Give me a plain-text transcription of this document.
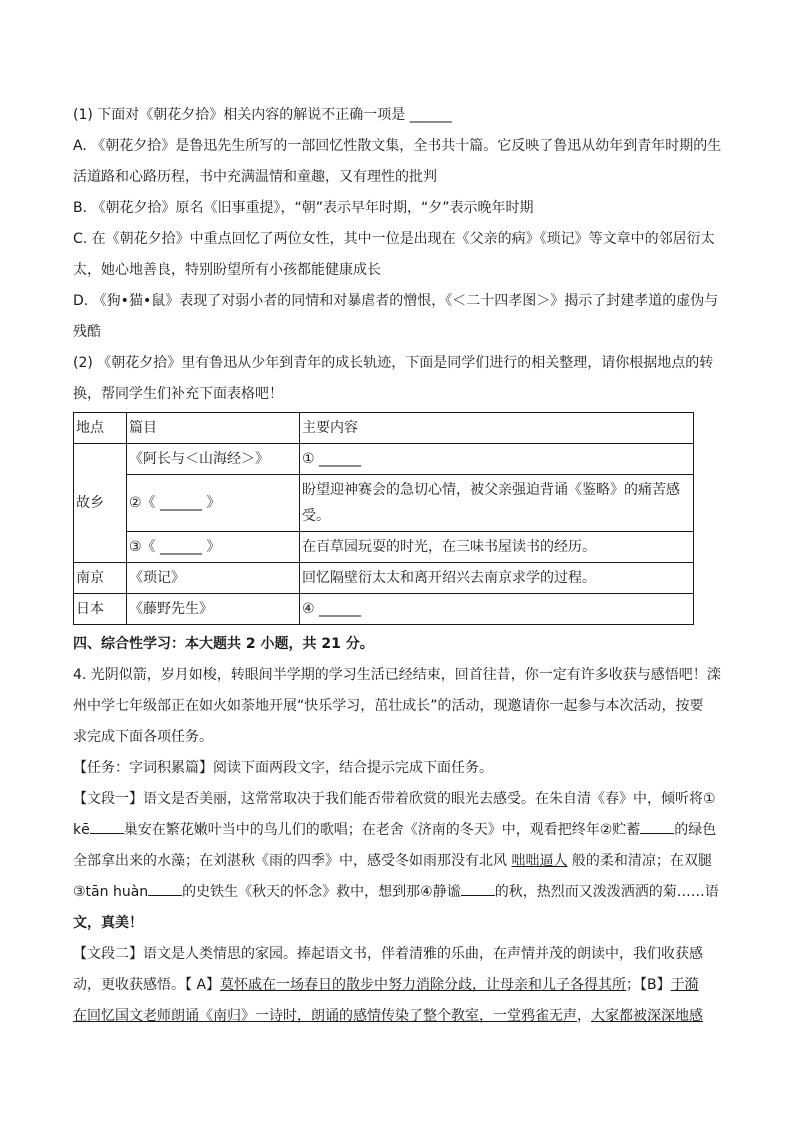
(1) 下面对《朝花夕拾》相关内容的解说不正确一项是 ______

A. 《朝花夕拾》是鲁迅先生所写的一部回忆性散文集，全书共十篇。它反映了鲁迅从幼年到青年时期的生

活道路和心路历程，书中充满温情和童趣，又有理性的批判

B. 《朝花夕拾》原名《旧事重提》，“朝”表示早年时期，“夕”表示晚年时期

C. 在《朝花夕拾》中重点回忆了两位女性，其中一位是出现在《父亲的病》《琐记》等文章中的邻居衍太

太，她心地善良，特别盼望所有小孩都能健康成长

D. 《狗•猫•鼠》表现了对弱小者的同情和对暴虐者的憎恨，《＜二十四孝图＞》揭示了封建孝道的虚伪与

残酷

(2) 《朝花夕拾》里有鲁迅从少年到青年的成长轨迹，下面是同学们进行的相关整理，请你根据地点的转

换，帮同学生们补充下面表格吧！

地点	篇目	主要内容
故乡	《阿长与＜山海经＞》	① ______
	②《 ______ 》	盼望迎神赛会的急切心情，被父亲强迫背诵《鉴略》的痛苦感
受。

	③《 ______ 》	在百草园玩耍的时光，在三味书屋读书的经历。
南京	《琐记》	回忆隔壁衍太太和离开绍兴去南京求学的过程。
日本	《藤野先生》	④ ______

四、综合性学习：本大题共 2 小题，共 21 分。

4. 光阴似箭，岁月如梭，转眼间半学期的学习生活已经结束，回首往昔，你一定有许多收获与感悟吧！滦

州中学七年级部正在如火如荼地开展“快乐学习，茁壮成长”的活动，现邀请你一起参与本次活动，按要

求完成下面各项任务。

【任务：字词积累篇】阅读下面两段文字，结合提示完成下面任务。

【文段一】语文是否美丽，这常常取决于我们能否带着欣赏的眼光去感受。在朱自清《春》中，倾听将①

kē 巢安在繁花嫩叶当中的鸟儿们的歌唱；在老舍《济南的冬天》中，观看把终年②贮蓄 的绿色

全部拿出来的水藻；在刘湛秋《雨的四季》中，感受冬如雨那没有北风 咄咄逼人 般的柔和清凉；在双腿

③tān huàn 的史铁生《秋天的怀念》救中，想到那④静谧 的秋，热烈而又泼泼洒洒的菊……语

文，真美！

【文段二】语文是人类情思的家园。捧起语文书，伴着清雅的乐曲，在声情并茂的朗读中，我们收获感

动，更收获感悟。【 A】莫怀戚在一场春日的散步中努力消除分歧，让母亲和儿子各得其所；【B】于漪

在回忆国文老师朗诵《南归》一诗时，朗诵的感情传染了整个教室，一堂鸦雀无声，大家都被深深地感
